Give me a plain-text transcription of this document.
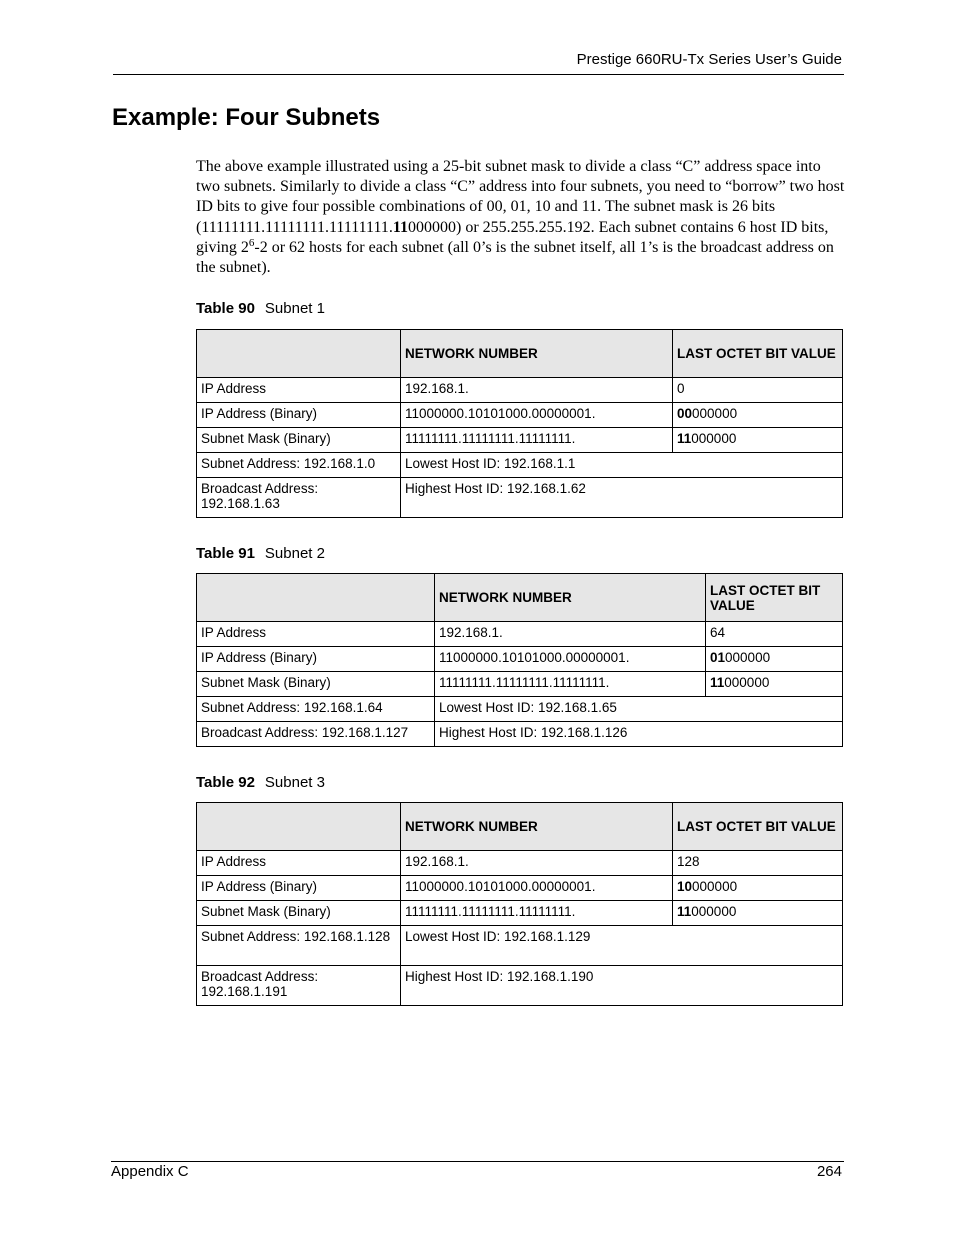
Prestige 660RU-Tx Series User’s Guide
Example: Four Subnets

The above example illustrated using a 25-bit subnet mask to divide a class “C” address space into two subnets. Similarly to divide a class “C” address into four subnets, you need to “borrow” two host ID bits to give four possible combinations of 00, 01, 10 and 11. The subnet mask is 26 bits (11111111.11111111.11111111.11000000) or 255.255.255.192. Each subnet contains 6 host ID bits, giving $2^6-2$ or 62 hosts for each subnet (all 0’s is the subnet itself, all 1’s is the broadcast address on the subnet).

Table 90 Subnet 1
	NETWORK NUMBER	LAST OCTET BIT VALUE
IP Address	192.168.1.	0
IP Address (Binary)	11000000.10101000.00000001.	00000000
Subnet Mask (Binary)	11111111.11111111.11111111.	11000000
Subnet Address: 192.168.1.0	Lowest Host ID: 192.168.1.1	
Broadcast Address: 192.168.1.63	Highest Host ID: 192.168.1.62	
Table 91 Subnet 2
	NETWORK NUMBER	LAST OCTET BIT VALUE
IP Address	192.168.1.	64
IP Address (Binary)	11000000.10101000.00000001.	01000000
Subnet Mask (Binary)	11111111.11111111.11111111.	11000000
Subnet Address: 192.168.1.64	Lowest Host ID: 192.168.1.65	
Broadcast Address: 192.168.1.127	Highest Host ID: 192.168.1.126	
Table 92 Subnet 3
	NETWORK NUMBER	LAST OCTET BIT VALUE
IP Address	192.168.1.	128
IP Address (Binary)	11000000.10101000.00000001.	10000000
Subnet Mask (Binary)	11111111.11111111.11111111.	11000000
Subnet Address: 192.168.1.128	Lowest Host ID: 192.168.1.129	
Broadcast Address: 192.168.1.191	Highest Host ID: 192.168.1.190	
Appendix C	264
